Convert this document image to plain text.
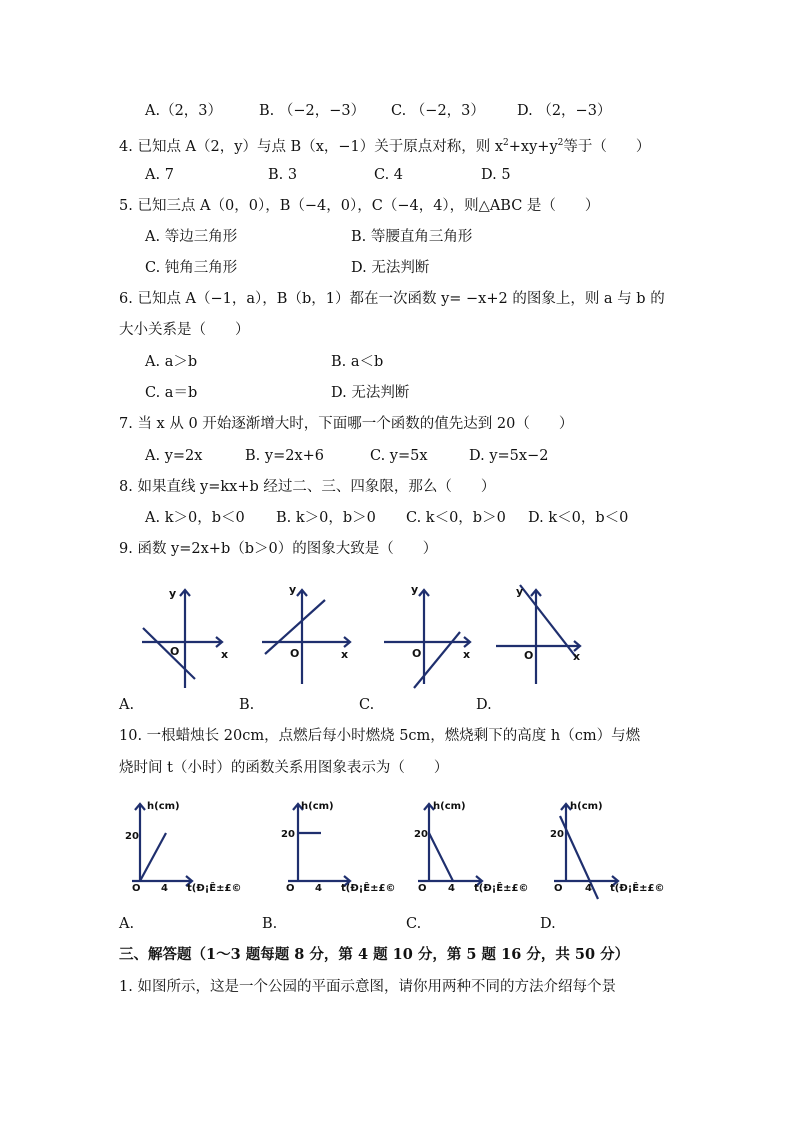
A.（2，3）	B. （−2，−3） C. （−2，3） D. （2，−3）
4. 已知点 A（2，y）与点 B（x，−1）关于原点对称，则 $x^2+xy+y^2$等于（　　）
A. 7	B. 3	C. 4	D. 5
5. 已知三点 A（0，0），B（−4，0），C（−4，4），则△ABC 是（　　）
A. 等边三角形	B. 等腰直角三角形
C. 钝角三角形	D. 无法判断
6. 已知点 A（−1，a），B（b，1）都在一次函数 y= −x+2 的图象上，则 a 与 b 的
大小关系是（　　）
A. a＞b	B. a＜b
C. a＝b	D. 无法判断
7. 当 x 从 0 开始逐渐增大时，下面哪一个函数的值先达到 20（　　）
A. y=2x	B. y=2x+6	C. y=5x	D. y=5x−2
8. 如果直线 y=kx+b 经过二、三、四象限，那么（　　）
A. k＞0，b＜0 B. k＞0，b＞0 C. k＜0，b＞0 D. k＜0，b＜0
9. 函数 y=2x+b（b＞0）的图象大致是（　　）
y
x
O
y
x
O
y
x
O
y
x
O
A.	B.	C.	D.
10. 一根蜡烛长 20cm，点燃后每小时燃烧 5cm，燃烧剩下的高度 h（cm）与燃
烧时间 t（小时）的函数关系用图象表示为（　　）
h(cm)
20
O 4 t(Ð¡Ê±£©
h(cm)
20
O 4 t(Ð¡Ê±£©
h(cm)
20
O 4 t(Ð¡Ê±£©
h(cm)
20
O 4 t(Ð¡Ê±£©
A.	B.	C.	D.
三、解答题（1～3 题每题 8 分，第 4 题 10 分，第 5 题 16 分，共 50 分）
1. 如图所示，这是一个公园的平面示意图，请你用两种不同的方法介绍每个景
